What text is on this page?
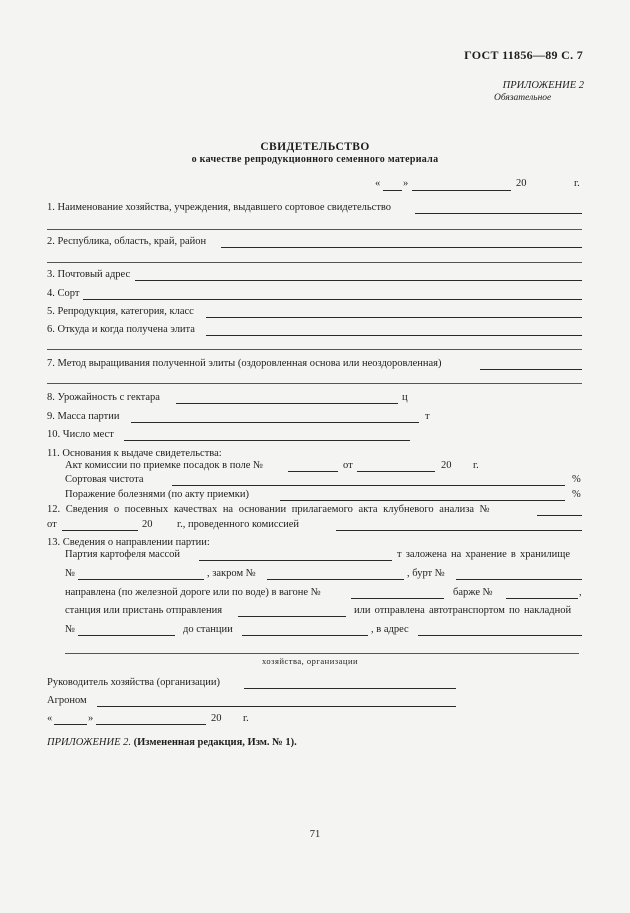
ГОСТ 11856—89 С. 7
ПРИЛОЖЕНИЕ 2
Обязательное
СВИДЕТЕЛЬСТВО
о качестве репродукционного семенного материала
« »	20	г.
1. Наименование хозяйства, учреждения, выдавшего сортовое свидетельство
2. Республика, область, край, район
3. Почтовый адрес
4. Сорт
5. Репродукция, категория, класс
6. Откуда и когда получена элита
7. Метод выращивания полученной элиты (оздоровленная основа или неоздоровленная)
8. Урожайность с гектара	ц
9. Масса партии	т
10. Число мест
11. Основания к выдаче свидетельства:
Акт комиссии по приемке посадок в поле №	от	20 г.
Сортовая чистота	%
Поражение болезнями (по акту приемки)	%
12. Сведения о посевных качествах на основании прилагаемого акта клубневого анализа №
от	20 г., проведенного комиссией
13. Сведения о направлении партии:
Партия картофеля массой	т заложена на хранение в хранилище
№	, закром №	, бурт №
направлена (по железной дороге или по воде) в вагоне №	барже №	,
станция или пристань отправления	или отправлена автотранспортом по накладной
№	до станции	, в адрес
хозяйства, организации
Руководитель хозяйства (организации)
Агроном
«	»	20 г.
ПРИЛОЖЕНИЕ 2. (Измененная редакция, Изм. № 1).
71
